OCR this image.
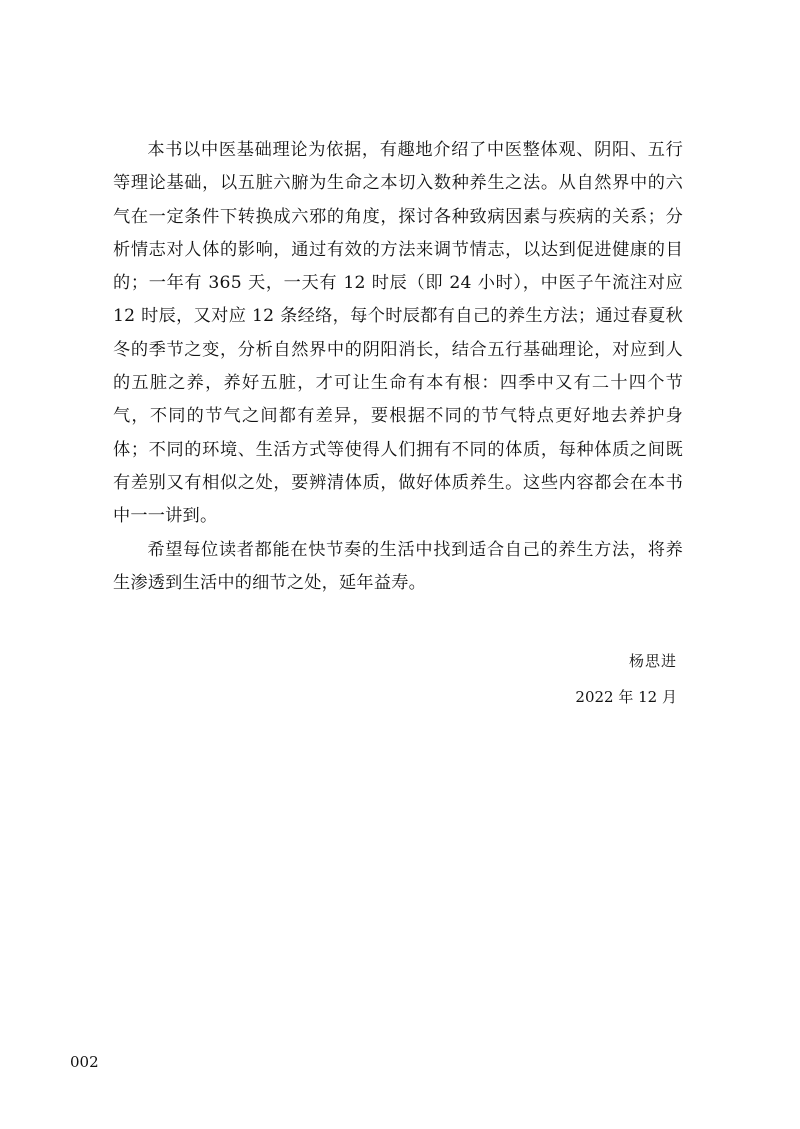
本书以中医基础理论为依据，有趣地介绍了中医整体观、阴阳、五行等理论基础，以五脏六腑为生命之本切入数种养生之法。从自然界中的六气在一定条件下转换成六邪的角度，探讨各种致病因素与疾病的关系；分析情志对人体的影响，通过有效的方法来调节情志，以达到促进健康的目的；一年有 365 天，一天有 12 时辰（即 24 小时），中医子午流注对应 12 时辰，又对应 12 条经络，每个时辰都有自己的养生方法；通过春夏秋冬的季节之变，分析自然界中的阴阳消长，结合五行基础理论，对应到人的五脏之养，养好五脏，才可让生命有本有根：四季中又有二十四个节气，不同的节气之间都有差异，要根据不同的节气特点更好地去养护身体；不同的环境、生活方式等使得人们拥有不同的体质，每种体质之间既有差别又有相似之处，要辨清体质，做好体质养生。这些内容都会在本书中一一讲到。

希望每位读者都能在快节奏的生活中找到适合自己的养生方法，将养生渗透到生活中的细节之处，延年益寿。

杨思进
2022 年 12 月
002
